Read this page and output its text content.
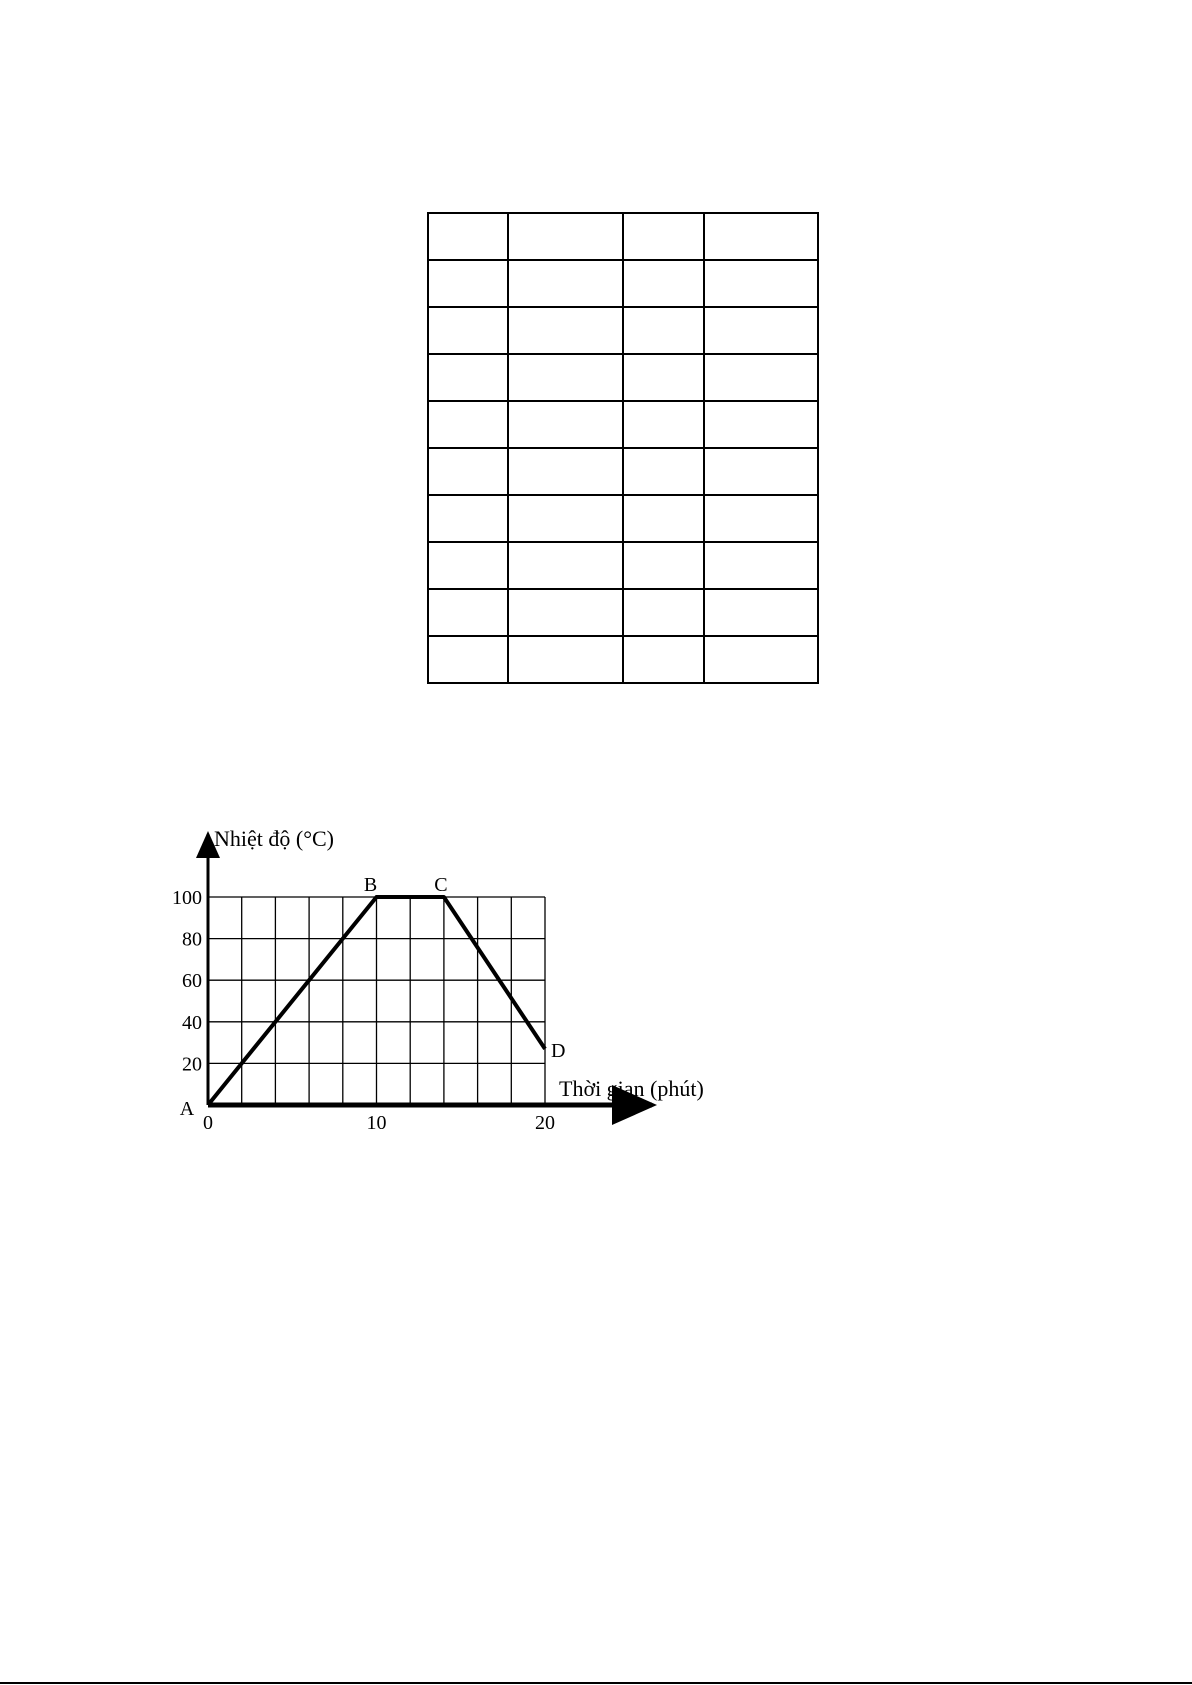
0	10	20
20
40
60
80
100
A
B	C
D
Nhiệt độ (°C)
Thời gian (phút)
